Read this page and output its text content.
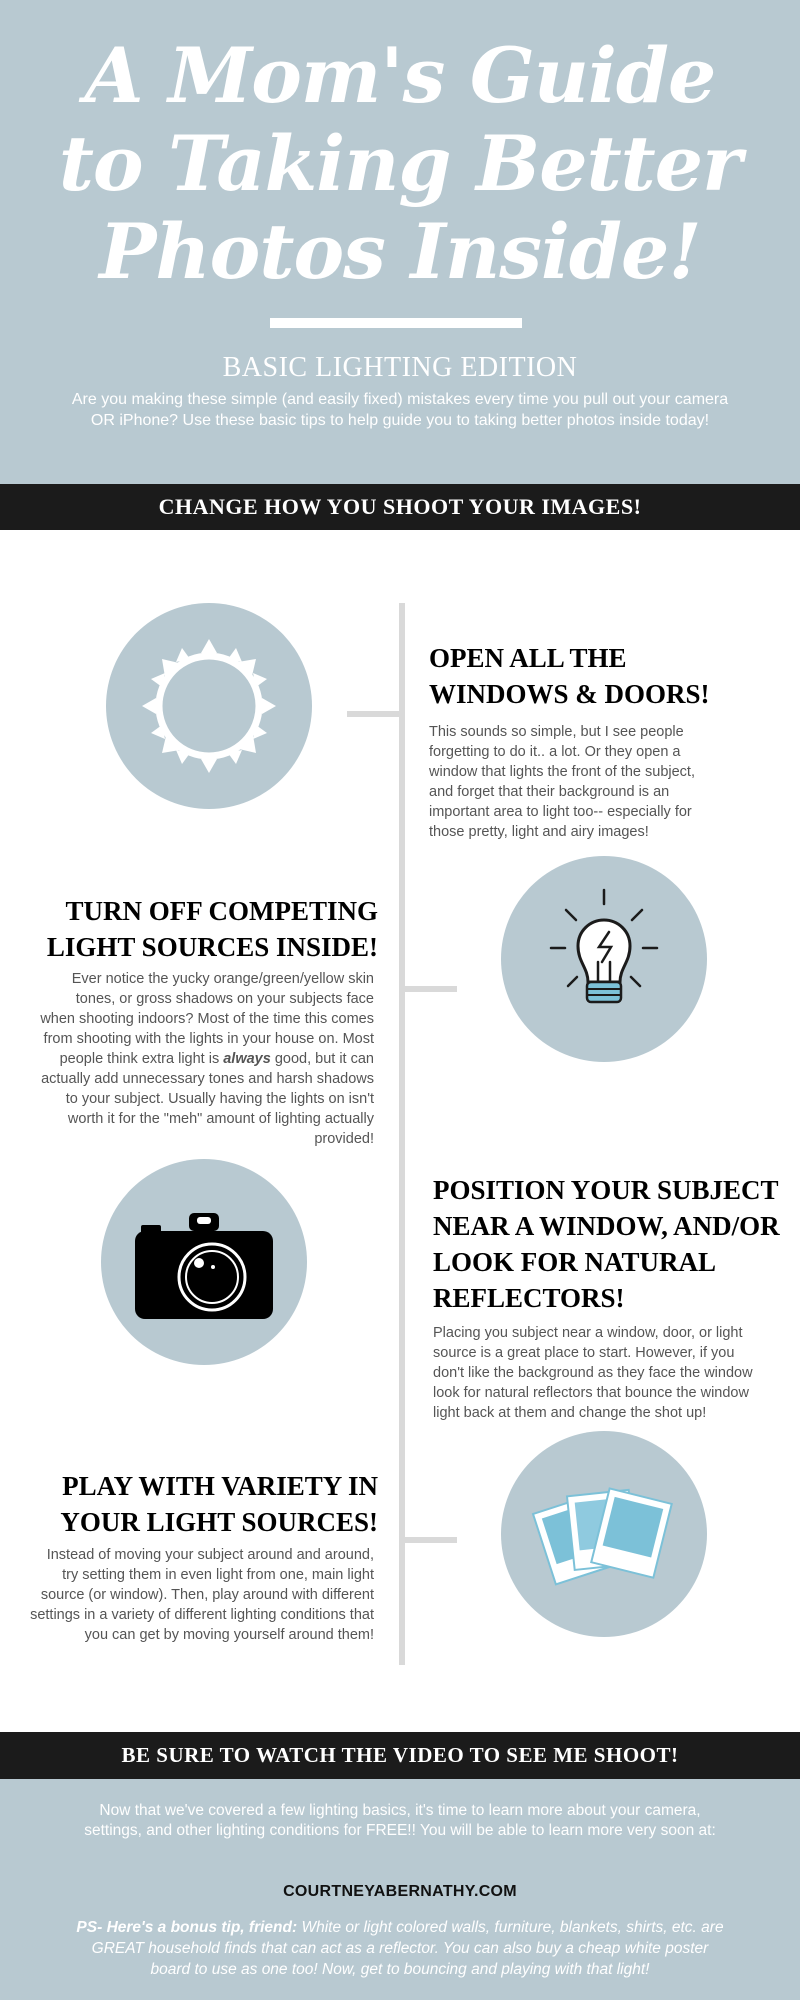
A Mom's Guide to Taking Better Photos Inside!
BASIC LIGHTING EDITION
Are you making these simple (and easily fixed) mistakes every time you pull out your camera OR iPhone? Use these basic tips to help guide you to taking better photos inside today!
CHANGE HOW YOU SHOOT YOUR IMAGES!
OPEN ALL THE WINDOWS & DOORS!
This sounds so simple, but I see people forgetting to do it.. a lot. Or they open a window that lights the front of the subject, and forget that their background is an important area to light too-- especially for those pretty, light and airy images!
TURN OFF COMPETING LIGHT SOURCES INSIDE!
Ever notice the yucky orange/green/yellow skin tones, or gross shadows on your subjects face when shooting indoors? Most of the time this comes from shooting with the lights in your house on. Most people think extra light is always good, but it can actually add unnecessary tones and harsh shadows to your subject. Usually having the lights on isn't worth it for the "meh" amount of lighting actually provided!
POSITION YOUR SUBJECT NEAR A WINDOW, AND/OR LOOK FOR NATURAL REFLECTORS!
Placing you subject near a window, door, or light source is a great place to start. However, if you don't like the background as they face the window look for natural reflectors that bounce the window light back at them and change the shot up!
PLAY WITH VARIETY IN YOUR LIGHT SOURCES!
Instead of moving your subject around and around, try setting them in even light from one, main light source (or window). Then, play around with different settings in a variety of different lighting conditions that you can get by moving yourself around them!
BE SURE TO WATCH THE VIDEO TO SEE ME SHOOT!
Now that we've covered a few lighting basics, it's time to learn more about your camera, settings, and other lighting conditions for FREE!! You will be able to learn more very soon at:
COURTNEYABERNATHY.COM
PS- Here's a bonus tip, friend: White or light colored walls, furniture, blankets, shirts, etc. are GREAT household finds that can act as a reflector. You can also buy a cheap white poster board to use as one too! Now, get to bouncing and playing with that light!
